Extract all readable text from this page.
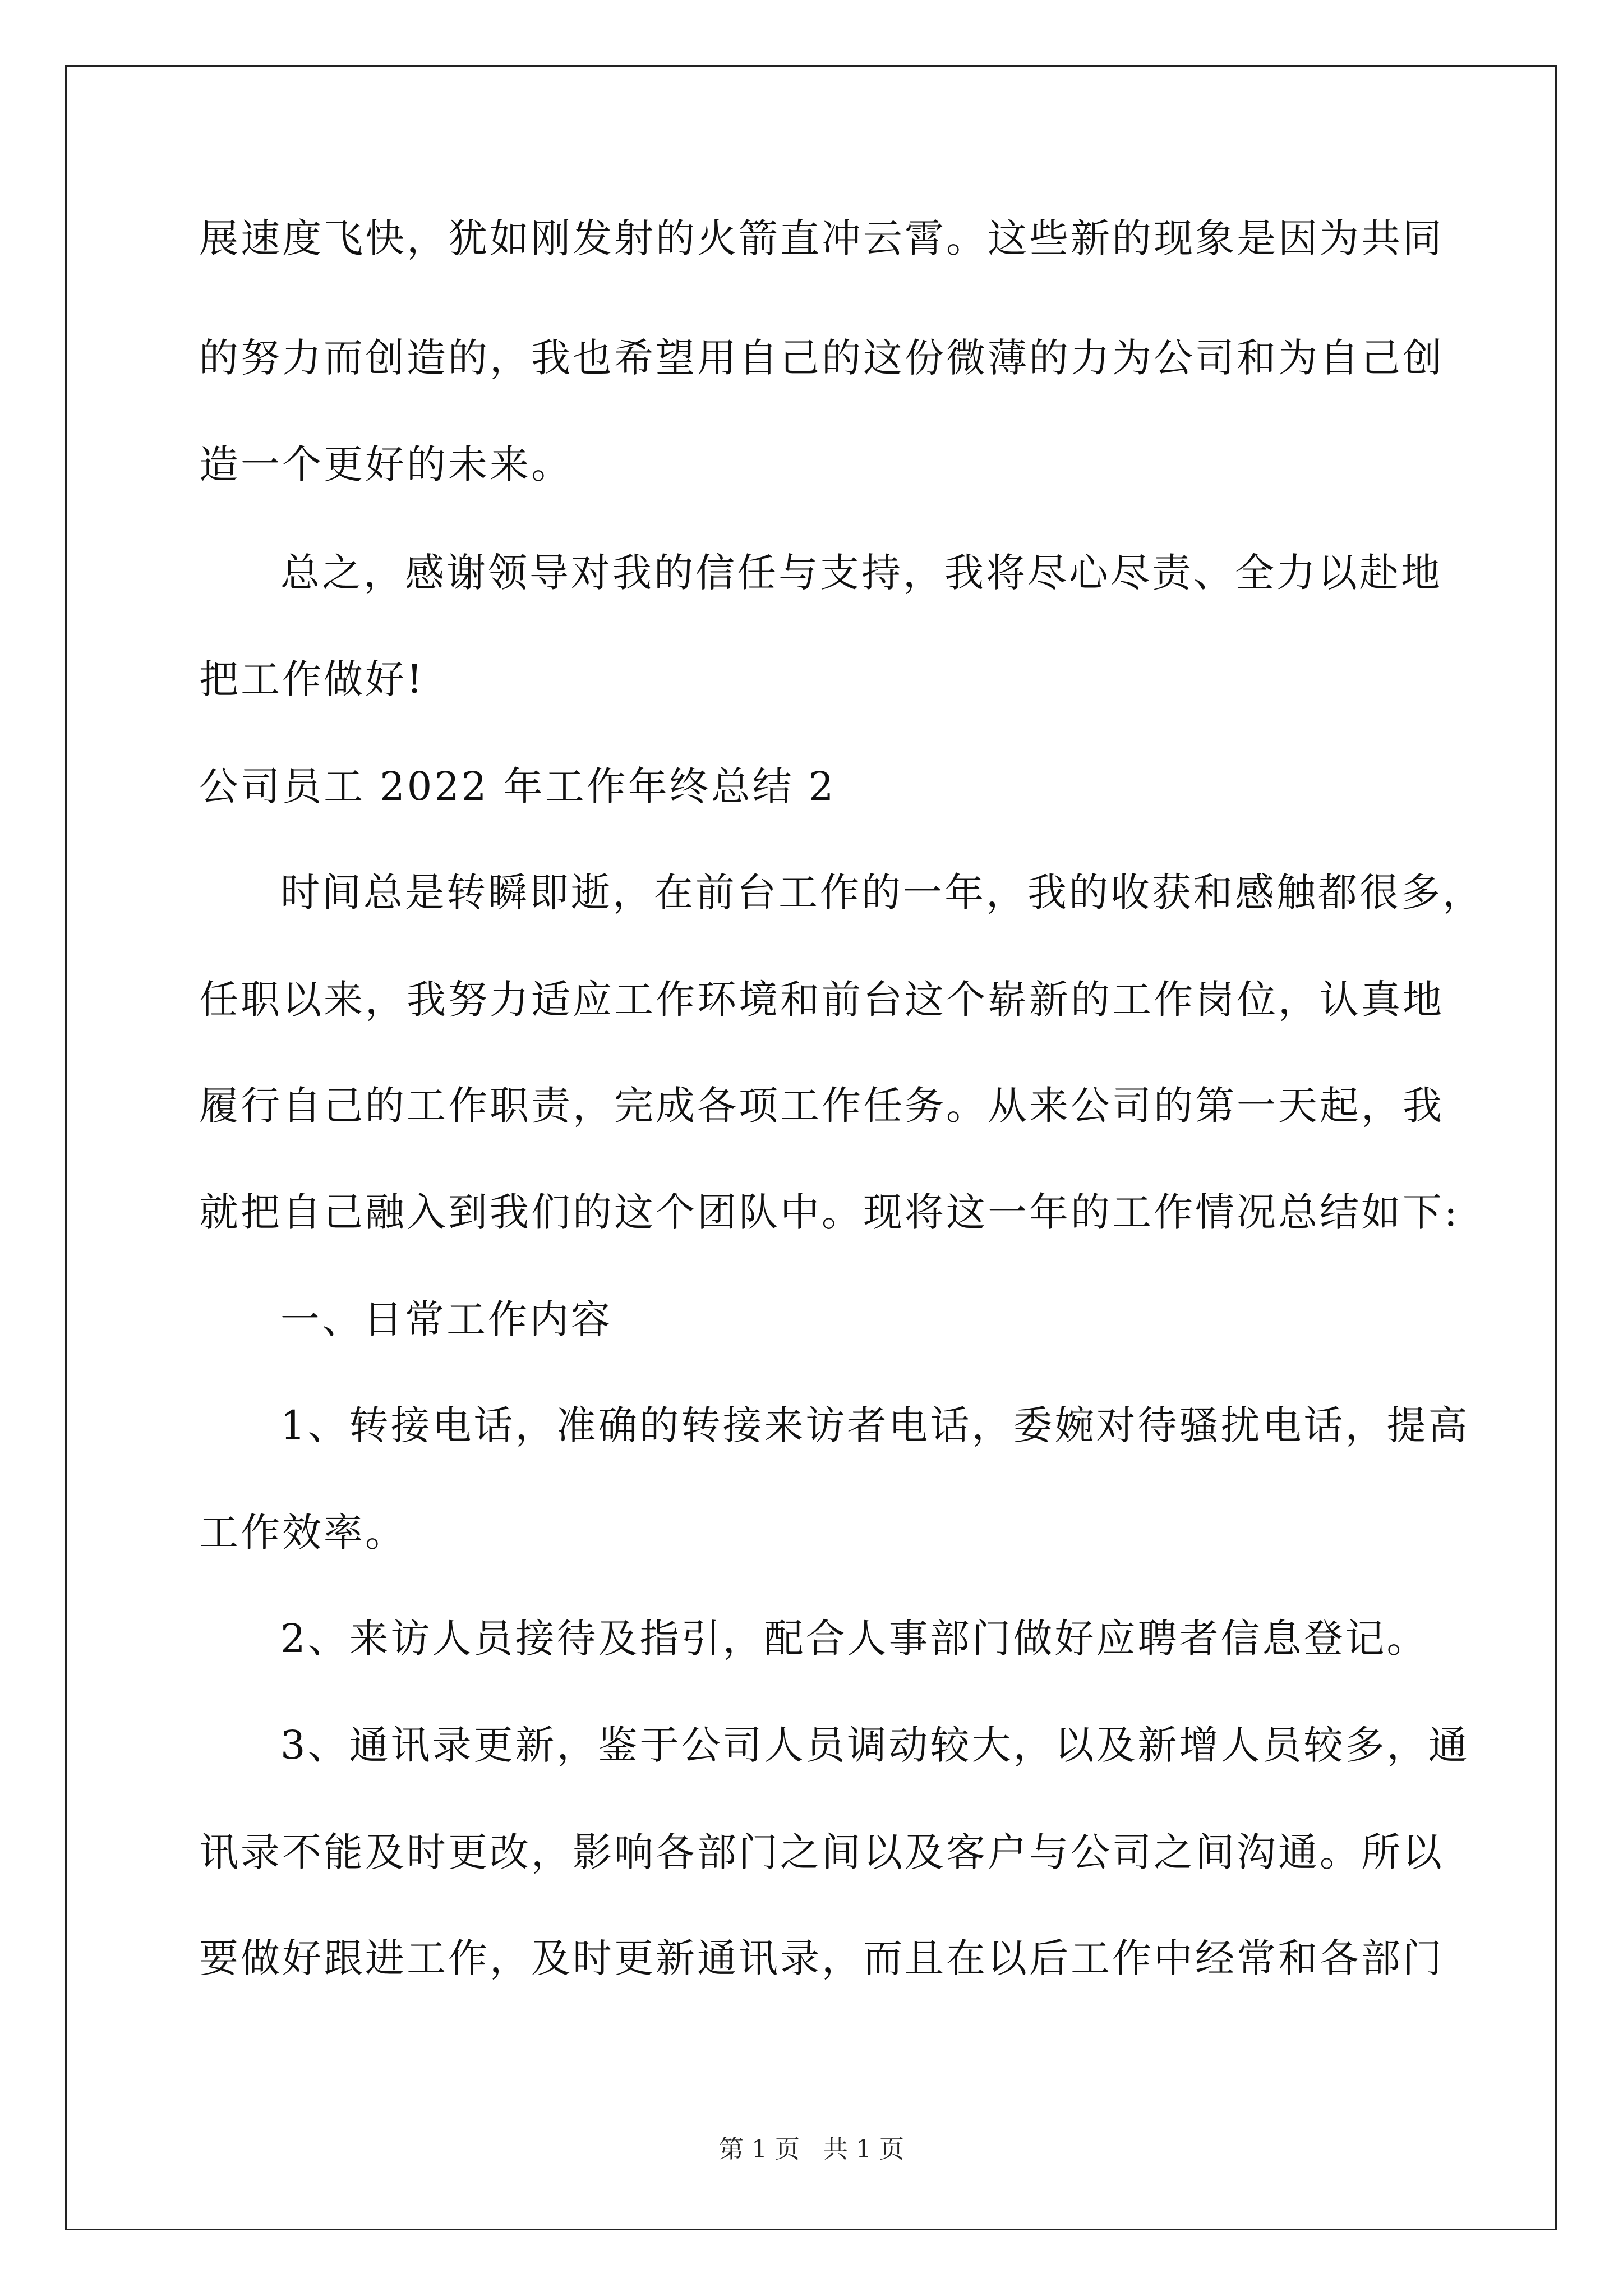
展速度飞快，犹如刚发射的火箭直冲云霄。这些新的现象是因为共同
的努力而创造的，我也希望用自己的这份微薄的力为公司和为自己创
造一个更好的未来。
总之，感谢领导对我的信任与支持，我将尽心尽责、全力以赴地
把工作做好!
公司员工 2022 年工作年终总结 2
时间总是转瞬即逝，在前台工作的一年，我的收获和感触都很多，
任职以来，我努力适应工作环境和前台这个崭新的工作岗位，认真地
履行自己的工作职责，完成各项工作任务。从来公司的第一天起，我
就把自己融入到我们的这个团队中。现将这一年的工作情况总结如下:
一、日常工作内容
1、转接电话，准确的转接来访者电话，委婉对待骚扰电话，提高
工作效率。
2、来访人员接待及指引，配合人事部门做好应聘者信息登记。
3、通讯录更新，鉴于公司人员调动较大，以及新增人员较多，通
讯录不能及时更改，影响各部门之间以及客户与公司之间沟通。所以
要做好跟进工作，及时更新通讯录，而且在以后工作中经常和各部门
第 1 页   共 1 页
